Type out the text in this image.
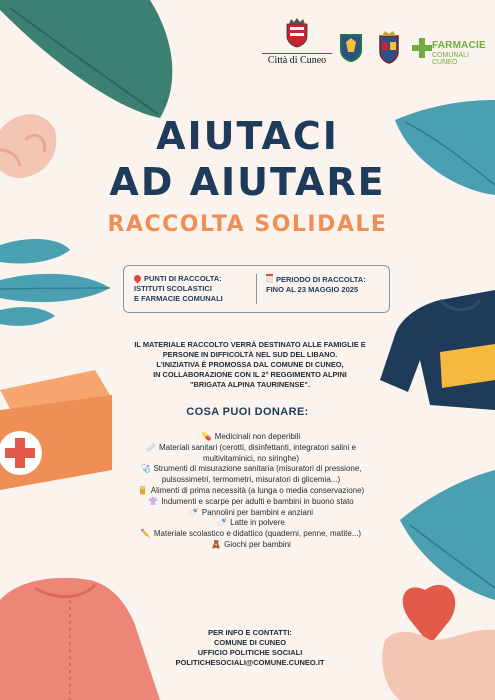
Città di Cuneo
FARMACIE
COMUNALI CUNEO
AIUTACI
AD AIUTARE
RACCOLTA SOLIDALE
PUNTI DI RACCOLTA:
ISTITUTI SCOLASTICI
E FARMACIE COMUNALI
PERIODO DI RACCOLTA:
FINO AL 23 MAGGIO 2025
IL MATERIALE RACCOLTO VERRÀ DESTINATO ALLE FAMIGLIE E
PERSONE IN DIFFICOLTÀ NEL SUD DEL LIBANO.
L'INIZIATIVA È PROMOSSA DAL COMUNE DI CUNEO,
IN COLLABORAZIONE CON IL 2° REGGIMENTO ALPINI
"BRIGATA ALPINA TAURINENSE".
COSA PUOI DONARE:
💊 Medicinali non deperibili
🩹 Materiali sanitari (cerotti, disinfettanti, integratori salini e multivitaminici, no siringhe)
🩺 Strumenti di misurazione sanitaria (misuratori di pressione, pulsossimetri, termometri, misuratori di glicemia...)
🥫 Alimenti di prima necessità (a lunga o media conservazione)
👚 Indumenti e scarpe per adulti e bambini in buono stato
🍼 Pannolini per bambini e anziani
🍼 Latte in polvere
✏️ Materiale scolastico e didattico (quaderni, penne, matite...)
🧸 Giochi per bambini
PER INFO E CONTATTI:
COMUNE DI CUNEO
UFFICIO POLITICHE SOCIALI
POLITICHESOCIALI@COMUNE.CUNEO.IT
